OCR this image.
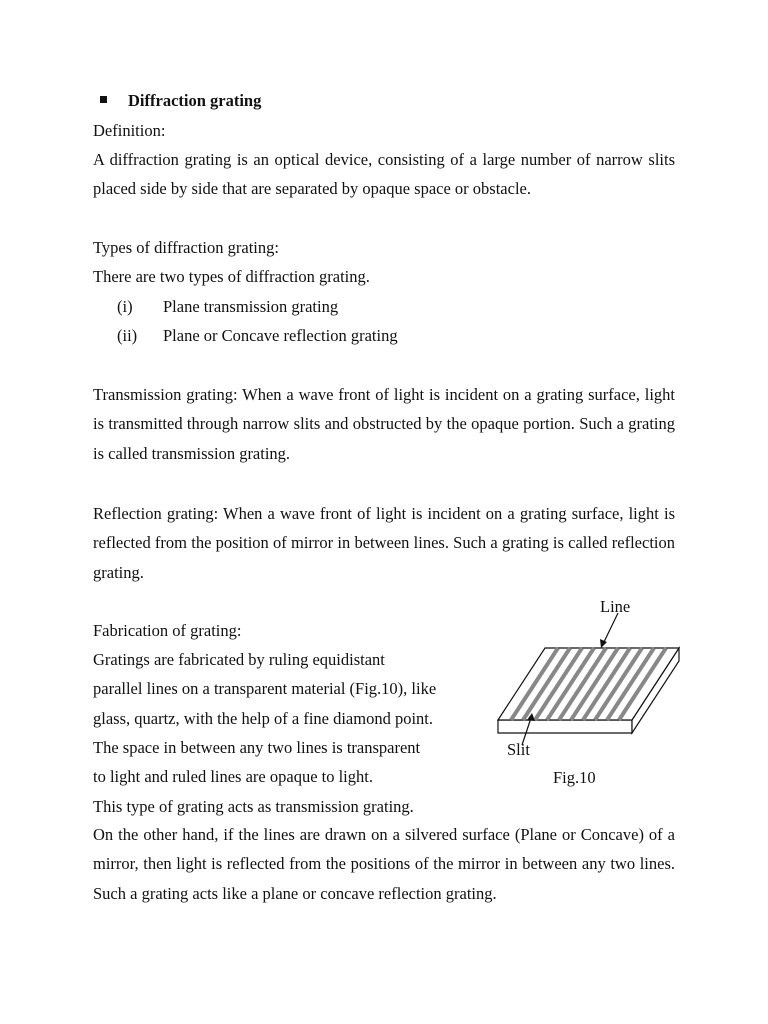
Diffraction grating
Definition:
A diffraction grating is an optical device, consisting of a large number of narrow slits placed side by side that are separated by opaque space or obstacle.
Types of diffraction grating:
There are two types of diffraction grating.
(i) Plane transmission grating
(ii) Plane or Concave reflection grating
Transmission grating: When a wave front of light is incident on a grating surface, light is transmitted through narrow slits and obstructed by the opaque portion. Such a grating is called transmission grating.
Reflection grating: When a wave front of light is incident on a grating surface, light is reflected from the position of mirror in between lines. Such a grating is called reflection grating.
Fabrication of grating:
Gratings are fabricated by ruling equidistant
parallel lines on a transparent material (Fig.10), like
glass, quartz, with the help of a fine diamond point.
The space in between any two lines is transparent
to light and ruled lines are opaque to light.
This type of grating acts as transmission grating.
On the other hand, if the lines are drawn on a silvered surface (Plane or Concave) of a mirror, then light is reflected from the positions of the mirror in between any two lines. Such a grating acts like a plane or concave reflection grating.
Line
Slit
Fig.10
